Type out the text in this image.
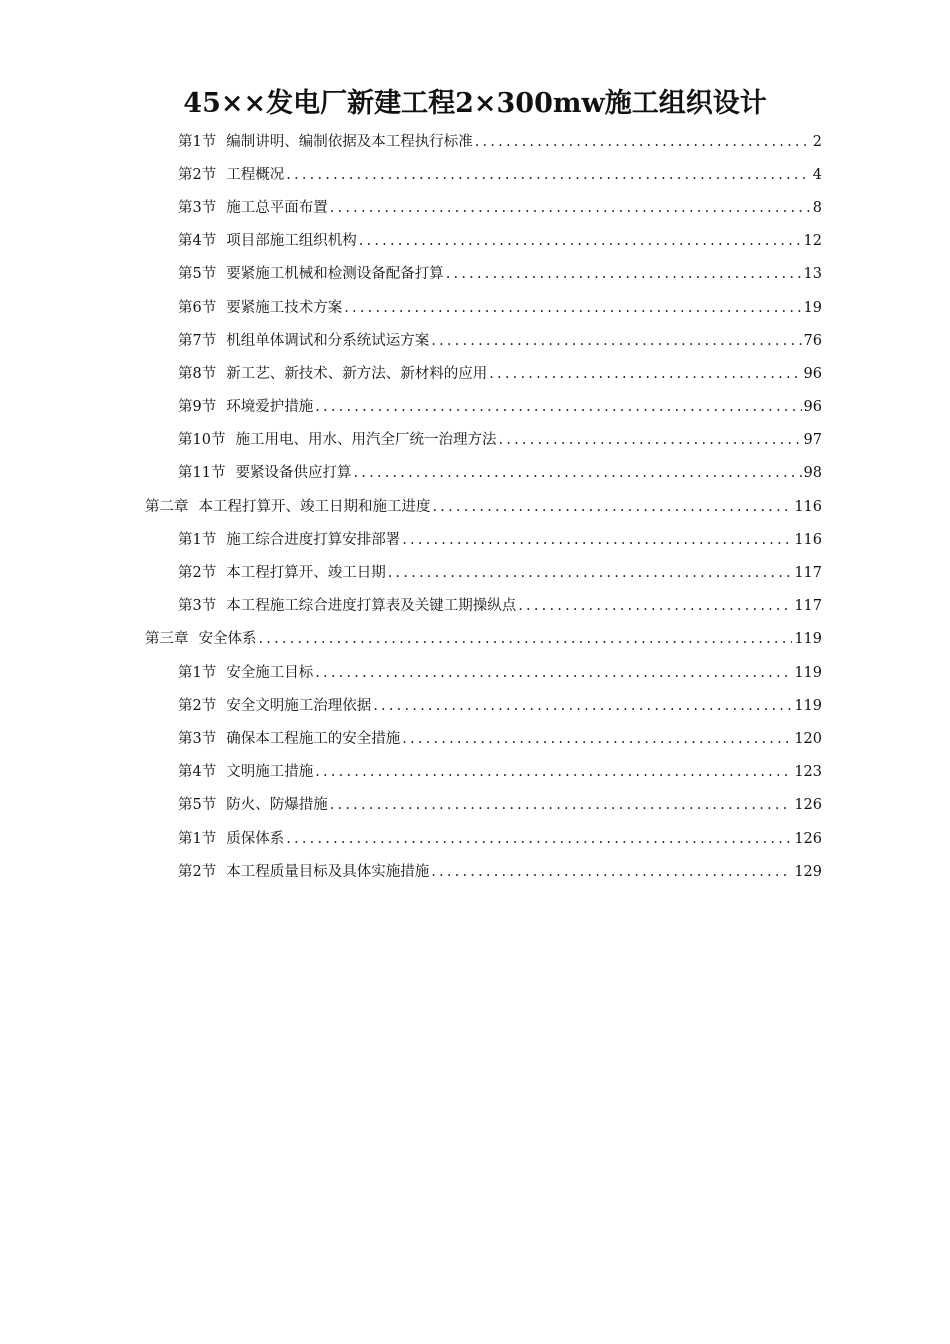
45××发电厂新建工程2×300mw施工组织设计
第1节 编制讲明、编制依据及本工程执行标准 .....	2
第2节 工程概况 .....	4
第3节 施工总平面布置 .....	8
第4节 项目部施工组织机构 .....	12
第5节 要紧施工机械和检测设备配备打算 .....	13
第6节 要紧施工技术方案 .....	19
第7节 机组单体调试和分系统试运方案 .....	76
第8节 新工艺、新技术、新方法、新材料的应用 .....	96
第9节 环境爱护措施 .....	96
第10节 施工用电、用水、用汽全厂统一治理方法 .....	97
第11节 要紧设备供应打算 .....	98
第二章 本工程打算开、竣工日期和施工进度 .....	116
第1节 施工综合进度打算安排部署 .....	116
第2节 本工程打算开、竣工日期 .....	117
第3节 本工程施工综合进度打算表及关键工期操纵点 .....	117
第三章 安全体系 .....	119
第1节 安全施工目标 .....	119
第2节 安全文明施工治理依据 .....	119
第3节 确保本工程施工的安全措施 .....	120
第4节 文明施工措施 .....	123
第5节 防火、防爆措施 .....	126
第1节 质保体系 .....	126
第2节 本工程质量目标及具体实施措施 .....	129
